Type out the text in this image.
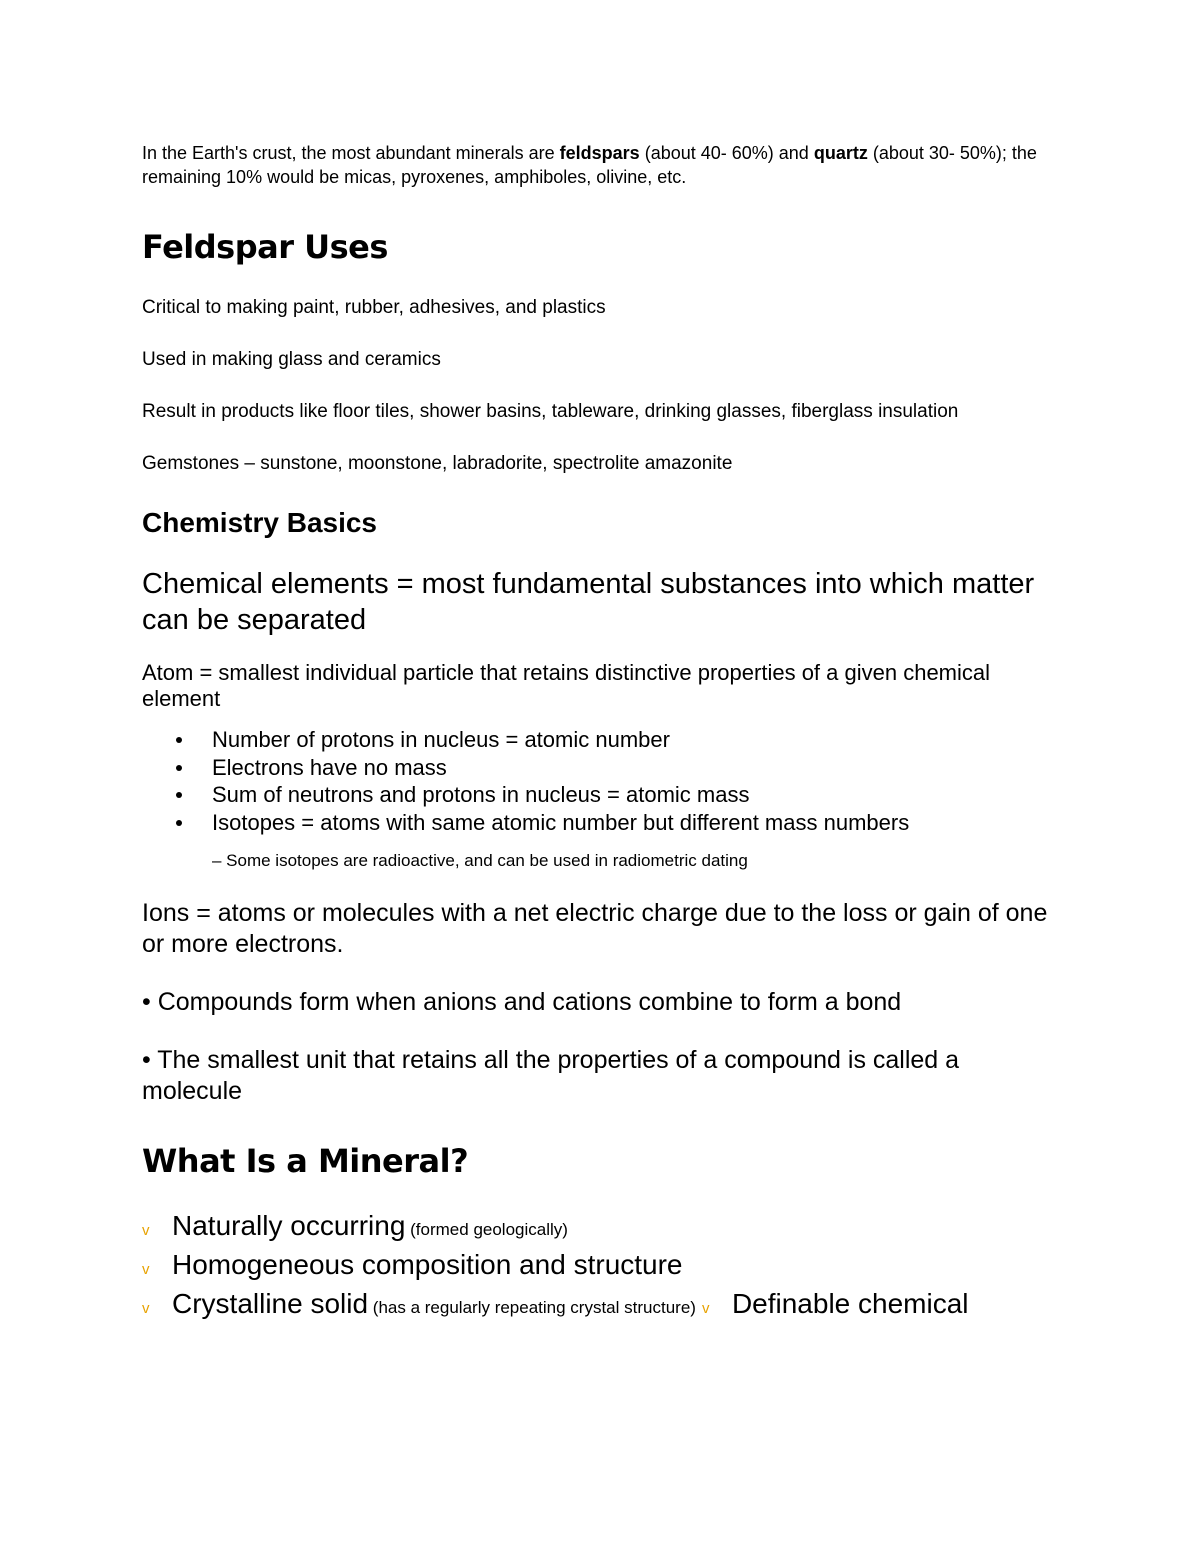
In the Earth's crust, the most abundant minerals are feldspars (about 40- 60%) and quartz (about 30- 50%); the remaining 10% would be micas, pyroxenes, amphiboles, olivine, etc.

Feldspar Uses

Critical to making paint, rubber, adhesives, and plastics

Used in making glass and ceramics

Result in products like floor tiles, shower basins, tableware, drinking glasses, fiberglass insulation

Gemstones – sunstone, moonstone, labradorite, spectrolite amazonite

Chemistry Basics

Chemical elements = most fundamental substances into which matter can be separated

Atom = smallest individual particle that retains distinctive properties of a given chemical element

Number of protons in nucleus = atomic number
Electrons have no mass
Sum of neutrons and protons in nucleus = atomic mass
Isotopes = atoms with same atomic number but different mass numbers

– Some isotopes are radioactive, and can be used in radiometric dating

Ions = atoms or molecules with a net electric charge due to the loss or gain of one or more electrons.

• Compounds form when anions and cations combine to form a bond

• The smallest unit that retains all the properties of a compound is called a molecule

What Is a Mineral?
v Naturally occurring (formed geologically)
v Homogeneous composition and structure
v Crystalline solid (has a regularly repeating crystal structure) v Definable chemical
